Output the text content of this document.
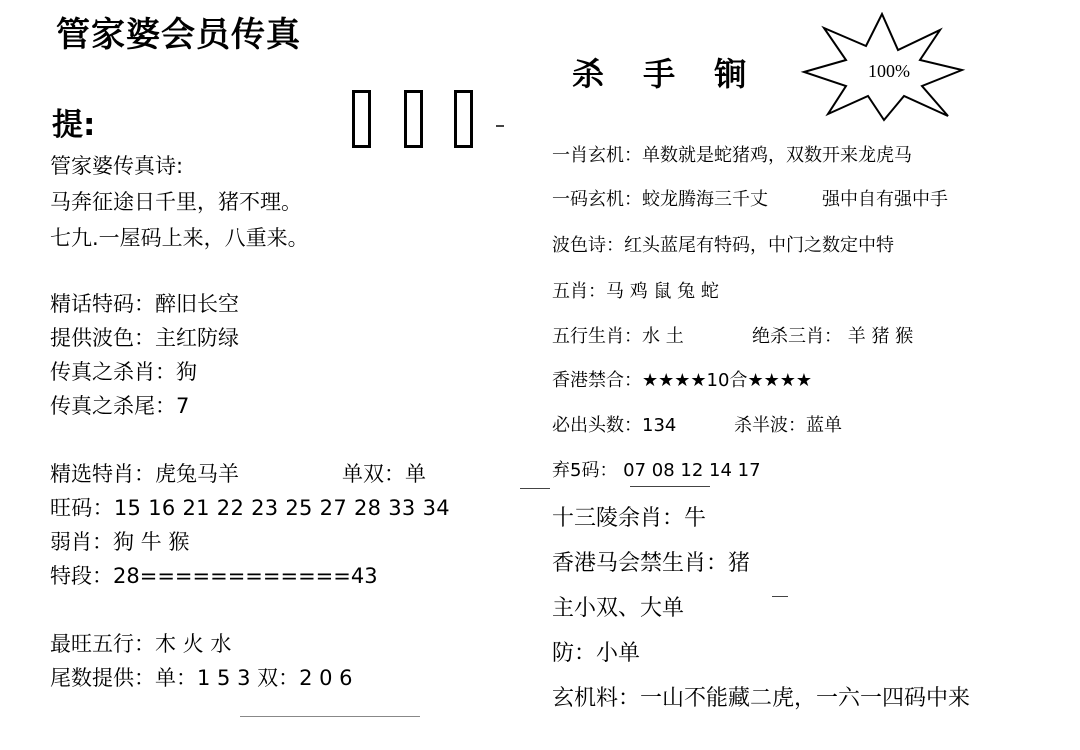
管家婆会员传真
提:
管家婆传真诗:
马奔征途日千里，猪不理。
七九.一屋码上来，八重来。
精话特码：醉旧长空
提供波色：主红防绿
传真之杀肖：狗
传真之杀尾：7
精选特肖：虎兔马羊	单双：单
旺码：15 16 21 22 23 25 27 28 33 34
弱肖：狗 牛 猴
特段：28============43
最旺五行：木 火 水
尾数提供：单：1 5 3 双：2 0 6
杀 手 锏	100%
一肖玄机：单数就是蛇猪鸡，双数开来龙虎马
一码玄机：蛟龙腾海三千丈	强中自有强中手
波色诗：红头蓝尾有特码，中门之数定中特
五肖：马 鸡 鼠 兔 蛇
五行生肖：水 土	绝杀三肖： 羊 猪 猴
香港禁合：★★★★10合★★★★
必出头数：134	杀半波：蓝单
弃5码： 07 08 12 14 17
十三陵余肖：牛
香港马会禁生肖：猪
主小双、大单
防：小单
玄机料：一山不能藏二虎，一六一四码中来
